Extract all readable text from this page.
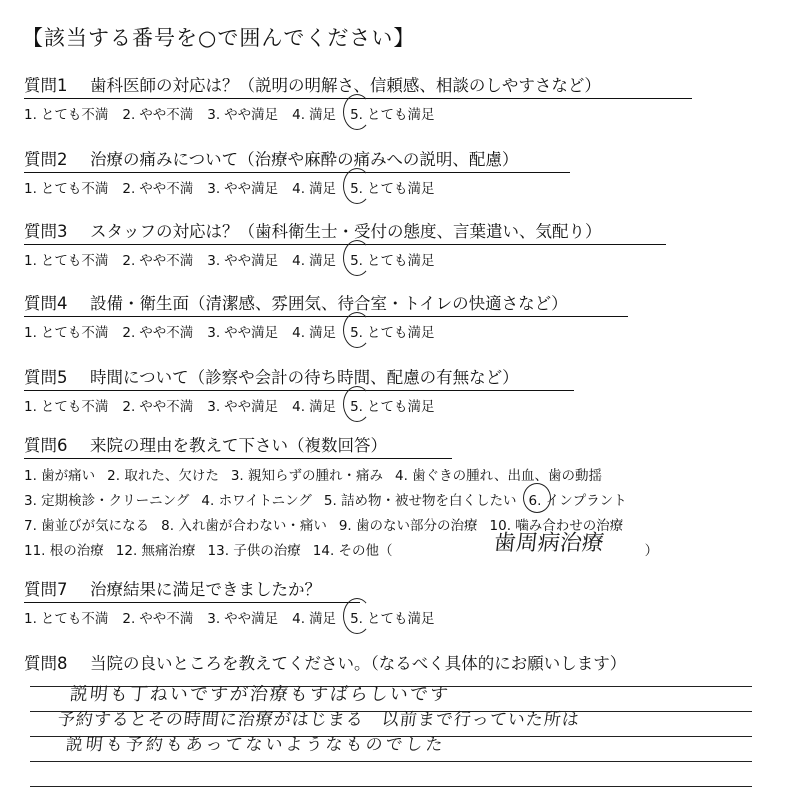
【該当する番号を○で囲んでください】
質問1 歯科医師の対応は？（説明の明解さ、信頼感、相談のしやすさなど）
1. とても不満 2. やや不満 3. やや満足 4. 満足 5. とても満足
質問2 治療の痛みについて（治療や麻酔の痛みへの説明、配慮）
1. とても不満 2. やや不満 3. やや満足 4. 満足 5. とても満足
質問3 スタッフの対応は？（歯科衛生士・受付の態度、言葉遣い、気配り）
1. とても不満 2. やや不満 3. やや満足 4. 満足 5. とても満足
質問4 設備・衛生面（清潔感、雰囲気、待合室・トイレの快適さなど）
1. とても不満 2. やや不満 3. やや満足 4. 満足 5. とても満足
質問5 時間について（診察や会計の待ち時間、配慮の有無など）
1. とても不満 2. やや不満 3. やや満足 4. 満足 5. とても満足
質問6 来院の理由を教えて下さい（複数回答）
1. 歯が痛い 2. 取れた、欠けた 3. 親知らずの腫れ・痛み 4. 歯ぐきの腫れ、出血、歯の動揺
3. 定期検診・クリーニング 4. ホワイトニング 5. 詰め物・被せ物を白くしたい 6. インプラント
7. 歯並びが気になる 8. 入れ歯が合わない・痛い 9. 歯のない部分の治療 10. 噛み合わせの治療
11. 根の治療 12. 無痛治療 13. 子供の治療 14. その他（	）
歯周病治療
質問7 治療結果に満足できましたか？
1. とても不満 2. やや不満 3. やや満足 4. 満足 5. とても満足
質問8 当院の良いところを教えてください。（なるべく具体的にお願いします）
説明も丁ねいですが治療もすばらしいです
予約するとその時間に治療がはじまる　以前まで行っていた所は
説明も予約もあってないようなものでした
